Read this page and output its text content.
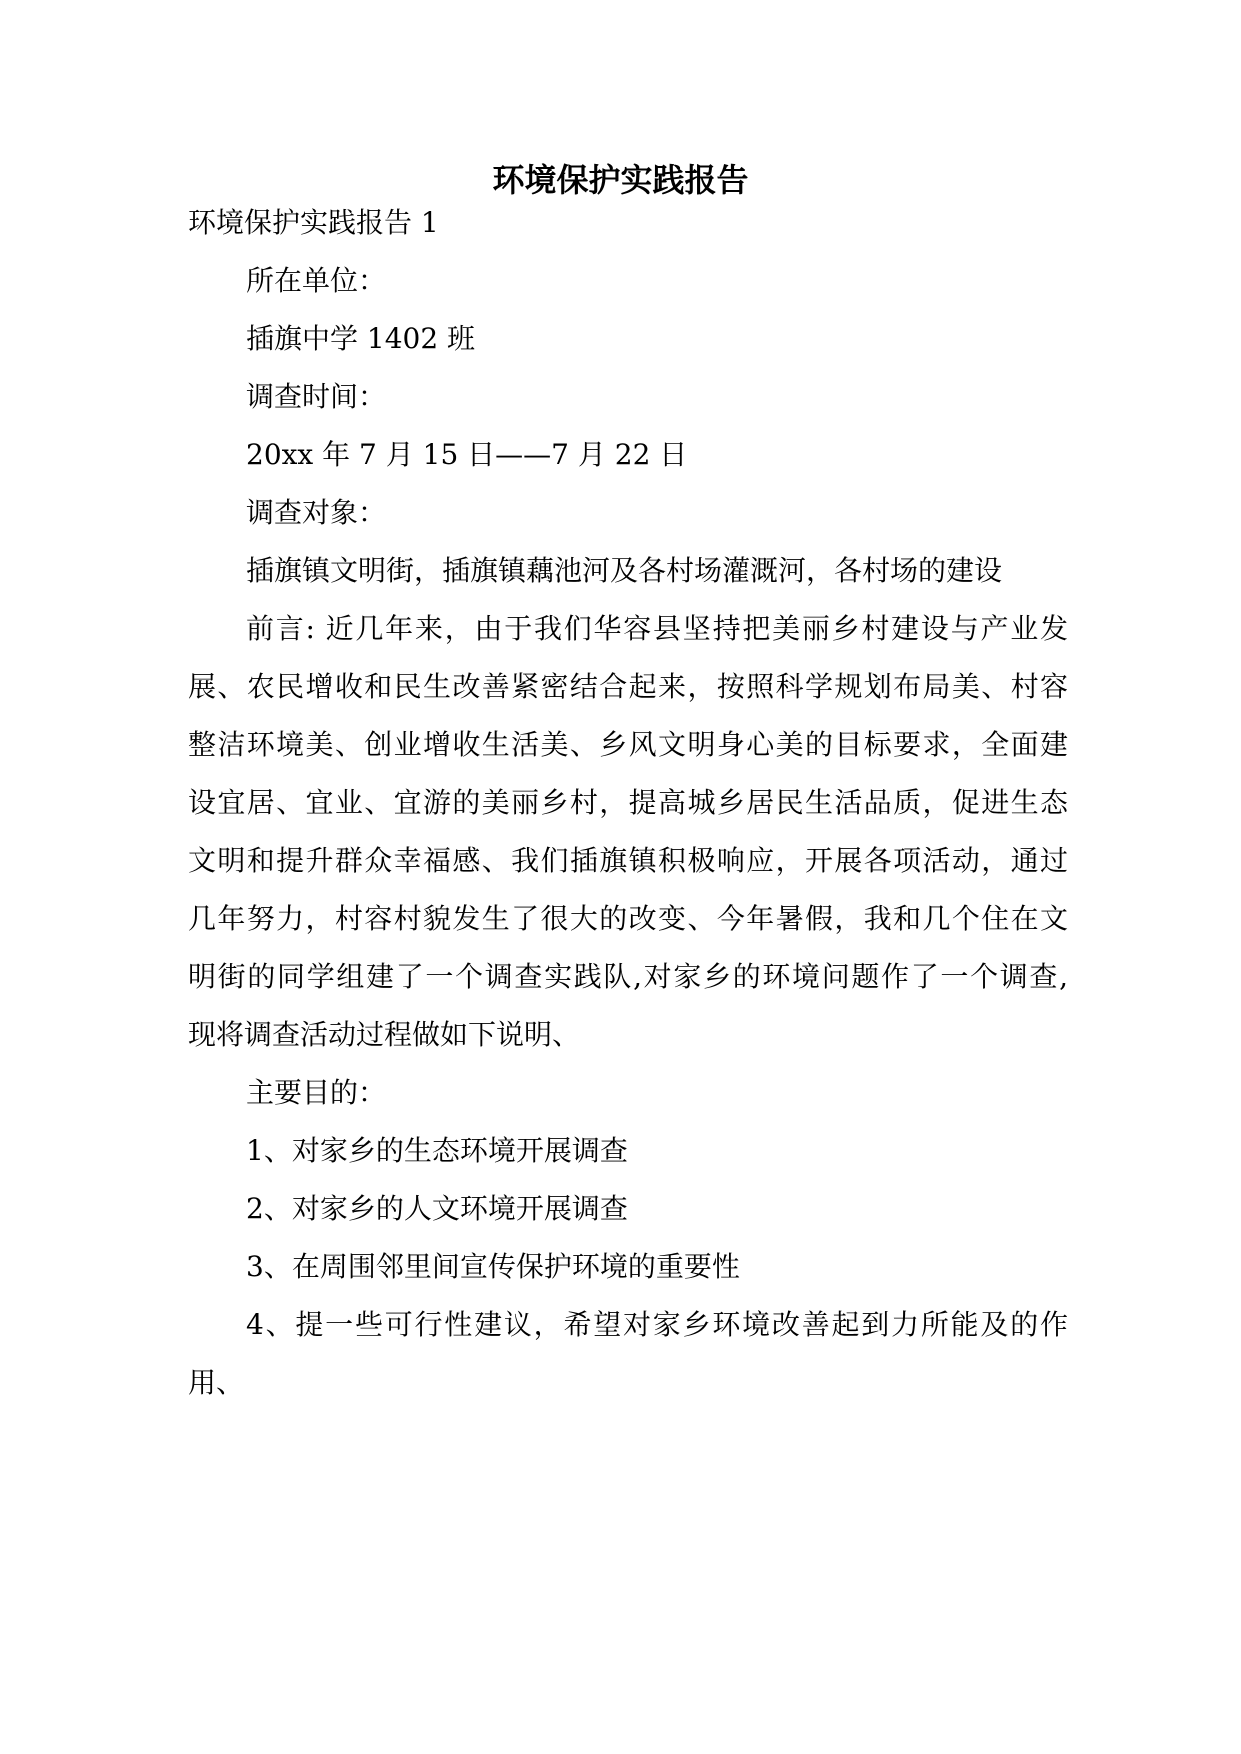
环境保护实践报告

环境保护实践报告 1

所在单位：

插旗中学 1402 班

调查时间：

20xx 年 7 月 15 日——7 月 22 日

调查对象：

插旗镇文明街，插旗镇藕池河及各村场灌溉河，各村场的建设

前言: 近几年来，由于我们华容县坚持把美丽乡村建设与产业发

展、农民增收和民生改善紧密结合起来，按照科学规划布局美、村容

整洁环境美、创业增收生活美、乡风文明身心美的目标要求，全面建

设宜居、宜业、宜游的美丽乡村，提高城乡居民生活品质，促进生态

文明和提升群众幸福感、我们插旗镇积极响应，开展各项活动，通过

几年努力，村容村貌发生了很大的改变、今年暑假，我和几个住在文

明街的同学组建了一个调查实践队,对家乡的环境问题作了一个调查,

现将调查活动过程做如下说明、

主要目的：

1、对家乡的生态环境开展调查

2、对家乡的人文环境开展调查

3、在周围邻里间宣传保护环境的重要性

4、提一些可行性建议，希望对家乡环境改善起到力所能及的作

用、
